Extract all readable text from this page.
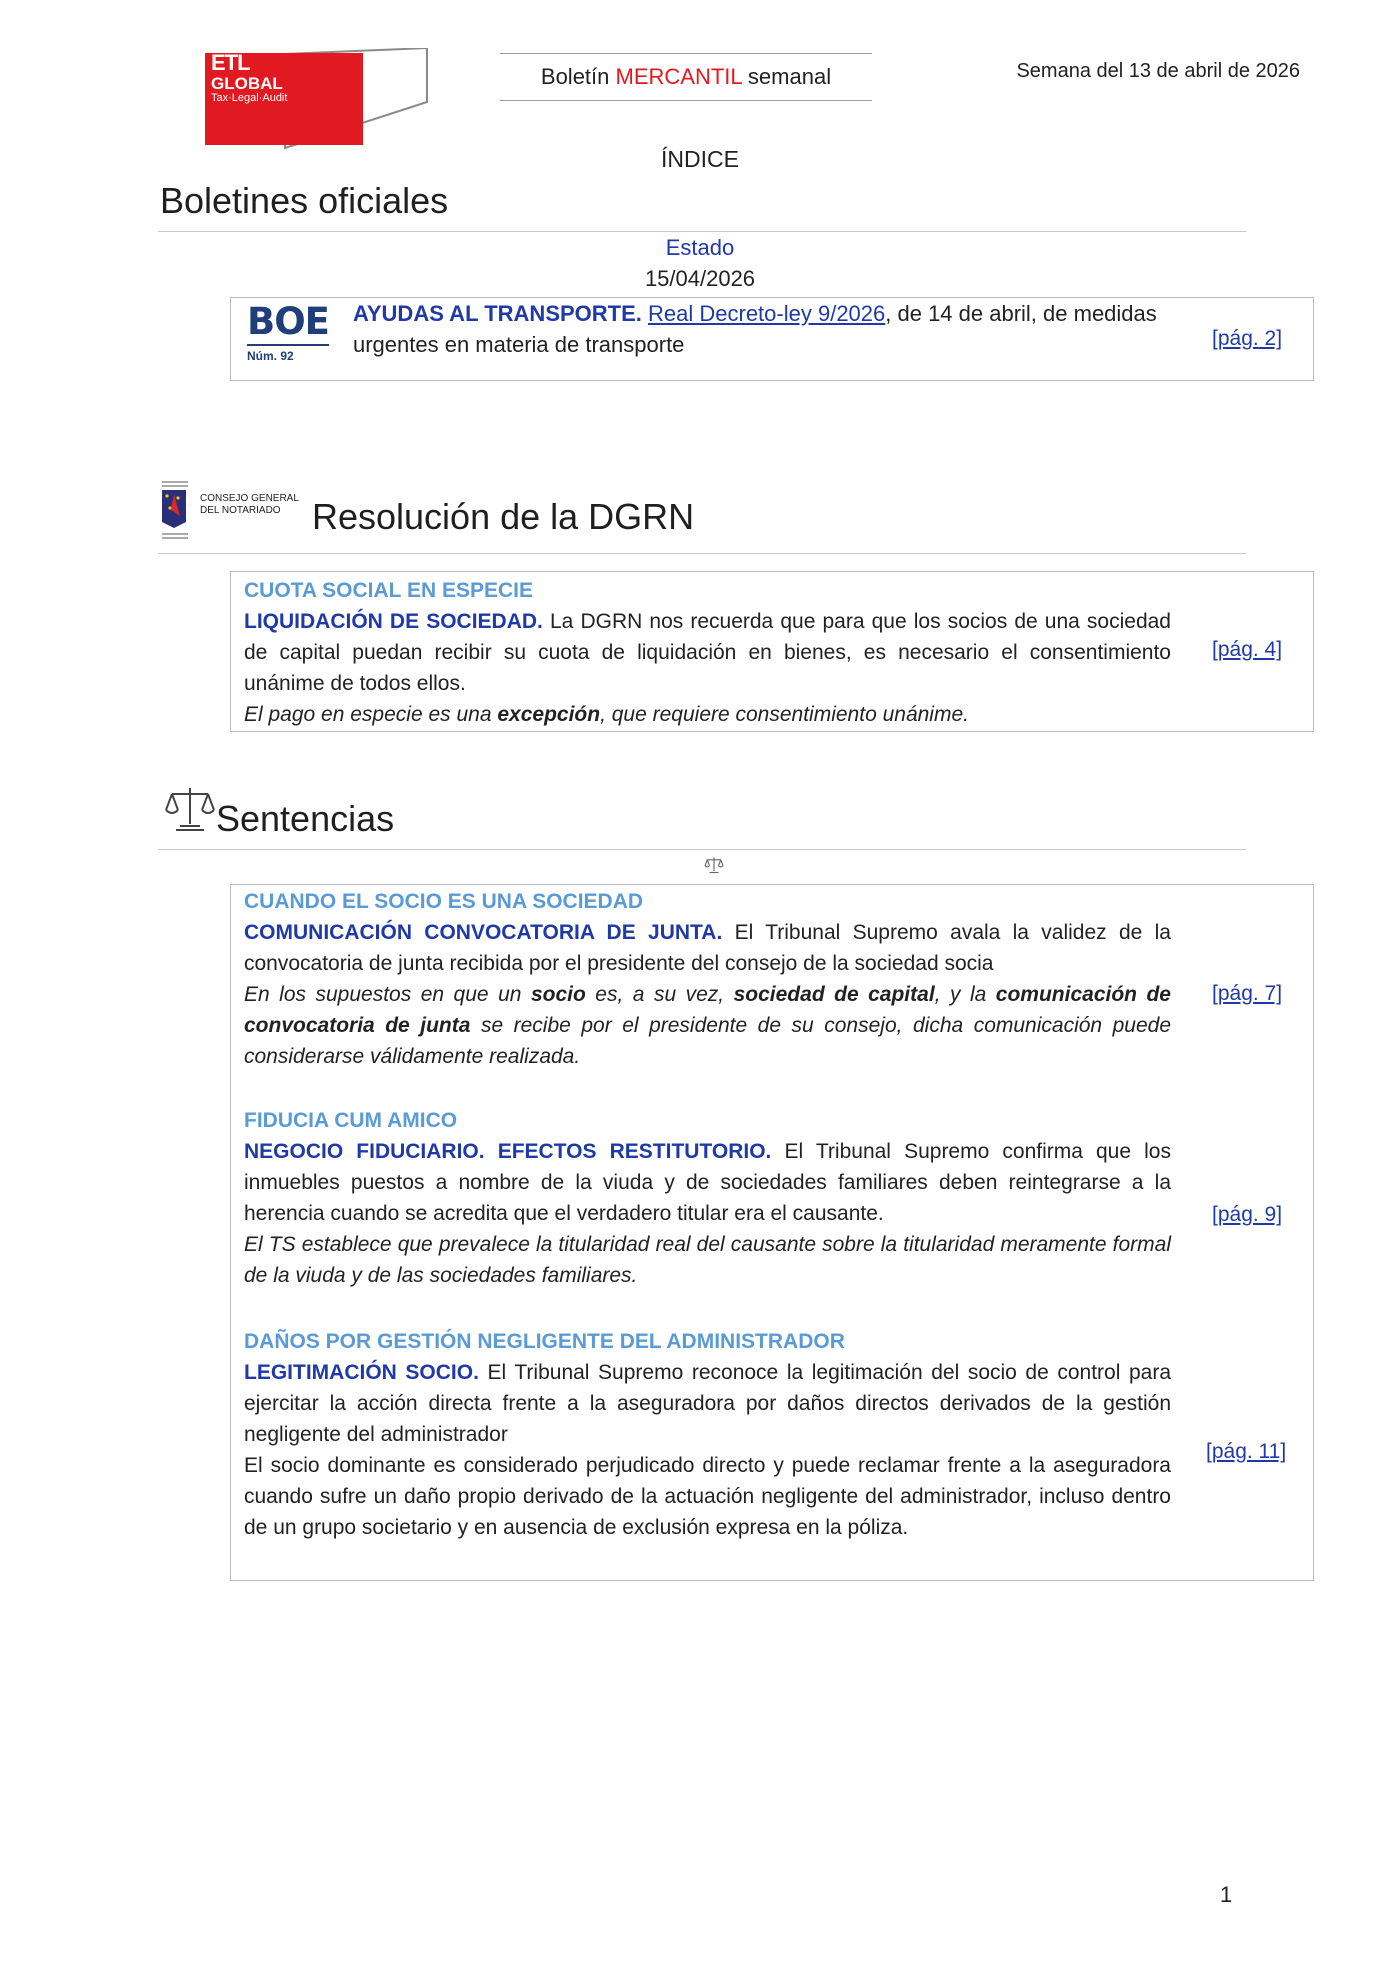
ETL
GLOBAL
Tax·Legal·Audit
Boletín MERCANTIL semanal	Semana del 13 de abril de 2026
ÍNDICE
Boletines oficiales
Estado
15/04/2026
BOE
Núm. 92
AYUDAS AL TRANSPORTE. Real Decreto-ley 9/2026, de 14 de abril, de medidas urgentes en materia de transporte	[pág. 2]
CONSEJO GENERAL
DEL NOTARIADO Resolución de la DGRN
CUOTA SOCIAL EN ESPECIE
LIQUIDACIÓN DE SOCIEDAD. La DGRN nos recuerda que para que los socios de una sociedad de capital puedan recibir su cuota de liquidación en bienes, es necesario el consentimiento unánime de todos ellos.
El pago en especie es una excepción, que requiere consentimiento unánime.
[pág. 4]
Sentencias
CUANDO EL SOCIO ES UNA SOCIEDAD
COMUNICACIÓN CONVOCATORIA DE JUNTA. El Tribunal Supremo avala la validez de la convocatoria de junta recibida por el presidente del consejo de la sociedad socia
En los supuestos en que un socio es, a su vez, sociedad de capital, y la comunicación de convocatoria de junta se recibe por el presidente de su consejo, dicha comunicación puede considerarse válidamente realizada.
[pág. 7]
FIDUCIA CUM AMICO
NEGOCIO FIDUCIARIO. EFECTOS RESTITUTORIO. El Tribunal Supremo confirma que los inmuebles puestos a nombre de la viuda y de sociedades familiares deben reintegrarse a la herencia cuando se acredita que el verdadero titular era el causante.
El TS establece que prevalece la titularidad real del causante sobre la titularidad meramente formal de la viuda y de las sociedades familiares.
[pág. 9]
DAÑOS POR GESTIÓN NEGLIGENTE DEL ADMINISTRADOR
LEGITIMACIÓN SOCIO. El Tribunal Supremo reconoce la legitimación del socio de control para ejercitar la acción directa frente a la aseguradora por daños directos derivados de la gestión negligente del administrador
El socio dominante es considerado perjudicado directo y puede reclamar frente a la aseguradora cuando sufre un daño propio derivado de la actuación negligente del administrador, incluso dentro de un grupo societario y en ausencia de exclusión expresa en la póliza.
[pág. 11]
1
